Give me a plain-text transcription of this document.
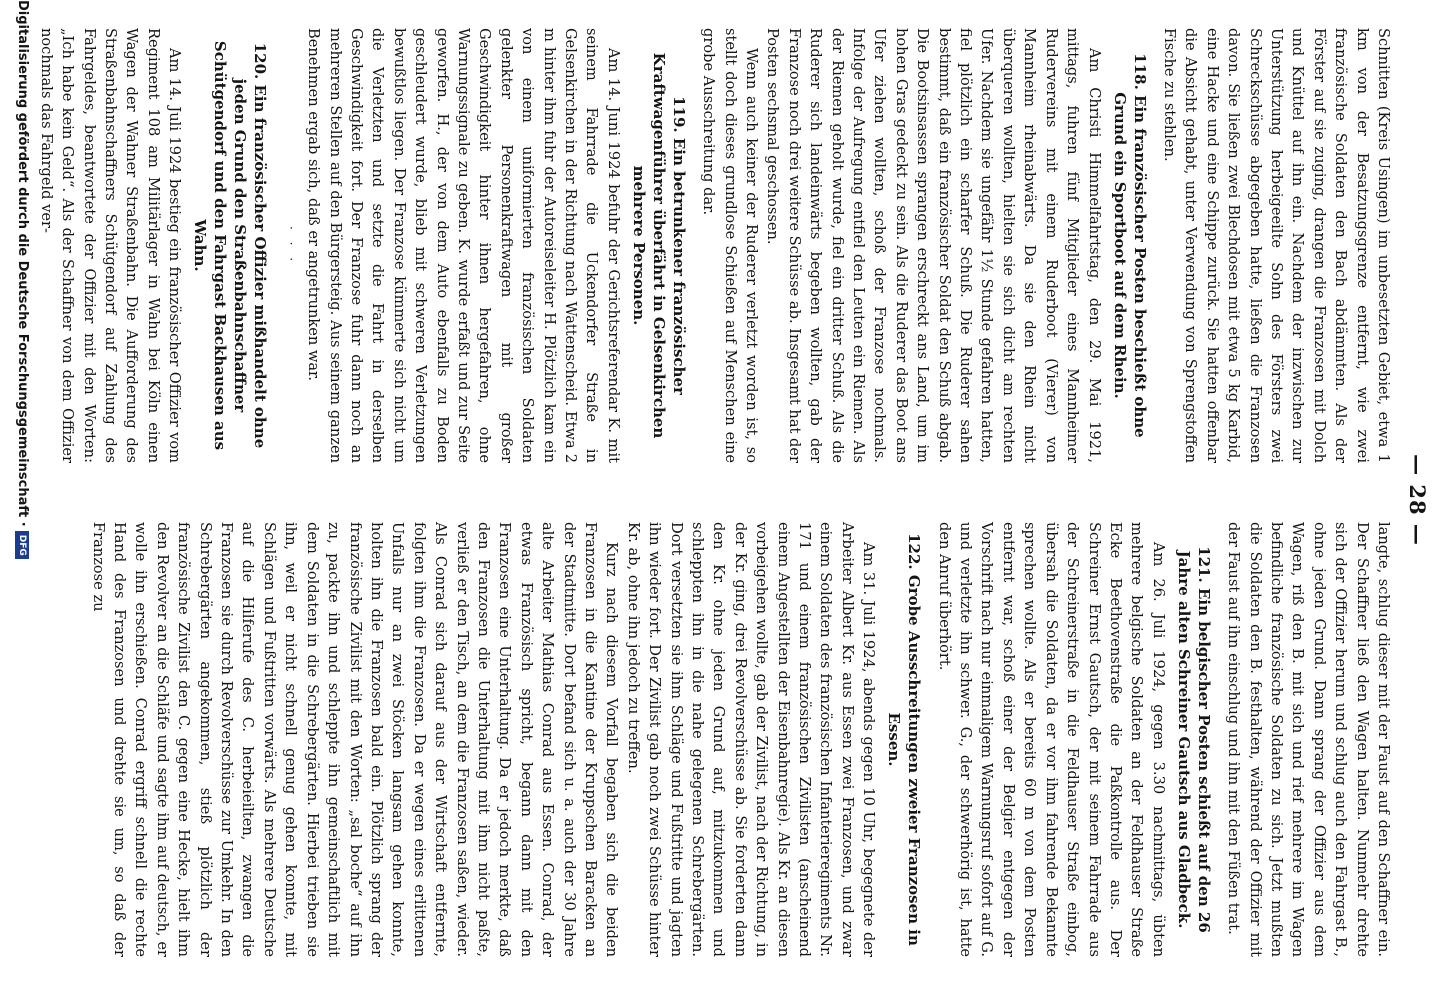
— 28 —

Schnitten (Kreis Usingen) im unbesetzten Gebiet, etwa 1 km von der Besatzungsgrenze entfernt, wie zwei französische Soldaten den Bach abdämmten. Als der Förster auf sie zuging, drangen die Franzosen mit Dolch und Knüttel auf ihn ein. Nachdem der inzwischen zur Unterstützung herbeigeeilte Sohn des Försters zwei Schreckschüsse abgegeben hatte, ließen die Franzosen davon. Sie ließen zwei Blechdosen mit etwa 5 kg Karbid, eine Hacke und eine Schippe zurück. Sie hatten offenbar die Absicht gehabt, unter Verwendung von Sprengstoffen Fische zu stehlen.

118. Ein französischer Posten beschießt ohne Grund ein Sportboot auf dem Rhein.

Am Christi Himmelfahrtstag, den 29. Mai 1921, mittags, fuhren fünf Mitglieder eines Mannheimer Rudervereins mit einem Ruderboot (Vierer) von Mannheim rheinabwärts. Da sie den Rhein nicht überqueren wollten, hielten sie sich dicht am rechten Ufer. Nachdem sie ungefähr 1½ Stunde gefahren hatten, fiel plötzlich ein scharfer Schuß. Die Ruderer sahen bestimmt, daß ein französischer Soldat den Schuß abgab. Die Bootsinsassen sprangen erschreckt ans Land, um im hohen Gras gedeckt zu sein. Als die Ruderer das Boot ans Ufer ziehen wollten, schoß der Franzose nochmals. Infolge der Aufregung entfiel den Leuten ein Riemen. Als der Riemen geholt wurde, fiel ein dritter Schuß. Als die Ruderer sich landeinwärts begeben wollten, gab der Franzose noch drei weitere Schüsse ab. Insgesamt hat der Posten sechsmal geschossen.

Wenn auch keiner der Ruderer verletzt worden ist, so stellt doch dieses grundlose Schießen auf Menschen eine grobe Ausschreitung dar.

119. Ein betrunkener französischer Kraftwagenführer überfährt in Gelsenkirchen mehrere Personen.

Am 14. Juni 1924 befuhr der Gerichtsreferendar K. mit seinem Fahrrade die Uckendorfer Straße in Gelsenkirchen in der Richtung nach Wattenscheid. Etwa 2 m hinter ihm fuhr der Autoreiseleiter H. Plötzlich kam ein von einem uniformierten französischen Soldaten gelenkter Personenkraftwagen mit großer Geschwindigkeit hinter ihnen hergefahren, ohne Warnungssignale zu geben. K. wurde erfaßt und zur Seite geworfen. H., der von dem Auto ebenfalls zu Boden geschleudert wurde, blieb mit schweren Verletzungen bewußtlos liegen. Der Franzose kümmerte sich nicht um die Verletzten und setzte die Fahrt in derselben Geschwindigkeit fort. Der Franzose fuhr dann noch an mehreren Stellen auf den Bürgersteig. Aus seinem ganzen Benehmen ergab sich, daß er angetrunken war.

· · ·
120. Ein französischer Offizier mißhandelt ohne jeden Grund den Straßenbahnschaffner Schütgendorf und den Fahrgast Backhausen aus Wahn.

Am 14. Juli 1924 bestieg ein französischer Offizier vom Regiment 108 am Militärlager in Wahn bei Köln einen Wagen der Wahner Straßenbahn. Die Aufforderung des Straßenbahnschaffners Schütgendorf auf Zahlung des Fahrgeldes, beantwortete der Offizier mit den Worten: „Ich habe kein Geld“. Als der Schaffner von dem Offizier nochmals das Fahrgeld ver-

langte, schlug dieser mit der Faust auf den Schaffner ein. Der Schaffner ließ den Wagen halten. Nunmehr drehte sich der Offizier herum und schlug auch den Fahrgast B., ohne jeden Grund. Dann sprang der Offizier aus dem Wagen, riß den B. mit sich und rief mehrere im Wagen befindliche französische Soldaten zu sich. Jetzt mußten die Soldaten den B. festhalten, während der Offizier mit der Faust auf ihn einschlug und ihn mit den Füßen trat.

121. Ein belgischer Posten schießt auf den 26 Jahre alten Schreiner Gautsch aus Gladbeck.

Am 26. Juli 1924, gegen 3.30 nachmittags, übten mehrere belgische Soldaten an der Feldhauser Straße Ecke Beethovenstraße die Paßkontrolle aus. Der Schreiner Ernst Gautsch, der mit seinem Fahrrade aus der Schreinerstraße in die Feldhauser Straße einbog, übersah die Soldaten, da er vor ihm fahrende Bekannte sprechen wollte. Als er bereits 60 m von dem Posten entfernt war, schoß einer der Belgier entgegen der Vorschrift nach nur einmaligem Warnungsruf sofort auf G. und verletzte ihn schwer. G., der schwerhörig ist, hatte den Anruf überhört.

122. Grobe Ausschreitungen zweier Franzosen in Essen.

Am 31. Juli 1924, abends gegen 10 Uhr, begegnete der Arbeiter Albert Kr. aus Essen zwei Franzosen, und zwar einem Soldaten des französischen Infanterieregiments Nr. 171 und einem französischen Zivilisten (anscheinend einem Angestellten der Eisenbahnregie). Als Kr. an diesen vorbeigehen wollte, gab der Zivilist, nach der Richtung, in der Kr. ging, drei Revolverschüsse ab. Sie forderten dann den Kr. ohne jeden Grund auf, mitzukommen und schleppten ihn in die nahe gelegenen Schrebergärten. Dort versetzten sie ihm Schläge und Fußtritte und jagten ihn wieder fort. Der Zivilist gab noch zwei Schüsse hinter Kr. ab, ohne ihn jedoch zu treffen.

Kurz nach diesem Vorfall begaben sich die beiden Franzosen in die Kantine der Kruppschen Baracken an der Stadtmitte. Dort befand sich u. a. auch der 30 Jahre alte Arbeiter Mathias Conrad aus Essen. Conrad, der etwas Französisch spricht, begann dann mit den Franzosen eine Unterhaltung. Da er jedoch merkte, daß den Franzosen die Unterhaltung mit ihm nicht paßte, verließ er den Tisch, an dem die Franzosen saßen, wieder. Als Conrad sich darauf aus der Wirtschaft entfernte, folgten ihm die Franzosen. Da er wegen eines erlittenen Unfalls nur an zwei Stöcken langsam gehen konnte, holten ihn die Franzosen bald ein. Plötzlich sprang der französische Zivilist mit den Worten: „sal boche“ auf ihn zu, packte ihn und schleppte ihn gemeinschaftlich mit dem Soldaten in die Schrebergärten. Hierbei trieben sie ihn, weil er nicht schnell genug gehen konnte, mit Schlägen und Fußtritten vorwärts. Als mehrere Deutsche auf die Hilferufe des C. herbeieilten, zwangen die Franzosen sie durch Revolverschüsse zur Umkehr. In den Schrebergärten angekommen, stieß plötzlich der französische Zivilist den C. gegen eine Hecke, hielt ihm den Revolver an die Schläfe und sagte ihm auf deutsch, er wolle ihn erschießen. Conrad ergriff schnell die rechte Hand des Franzosen und drehte sie um, so daß der Franzose zu

Digitalisierung gefördert durch die Deutsche Forschungsgemeinschaft · DFG
